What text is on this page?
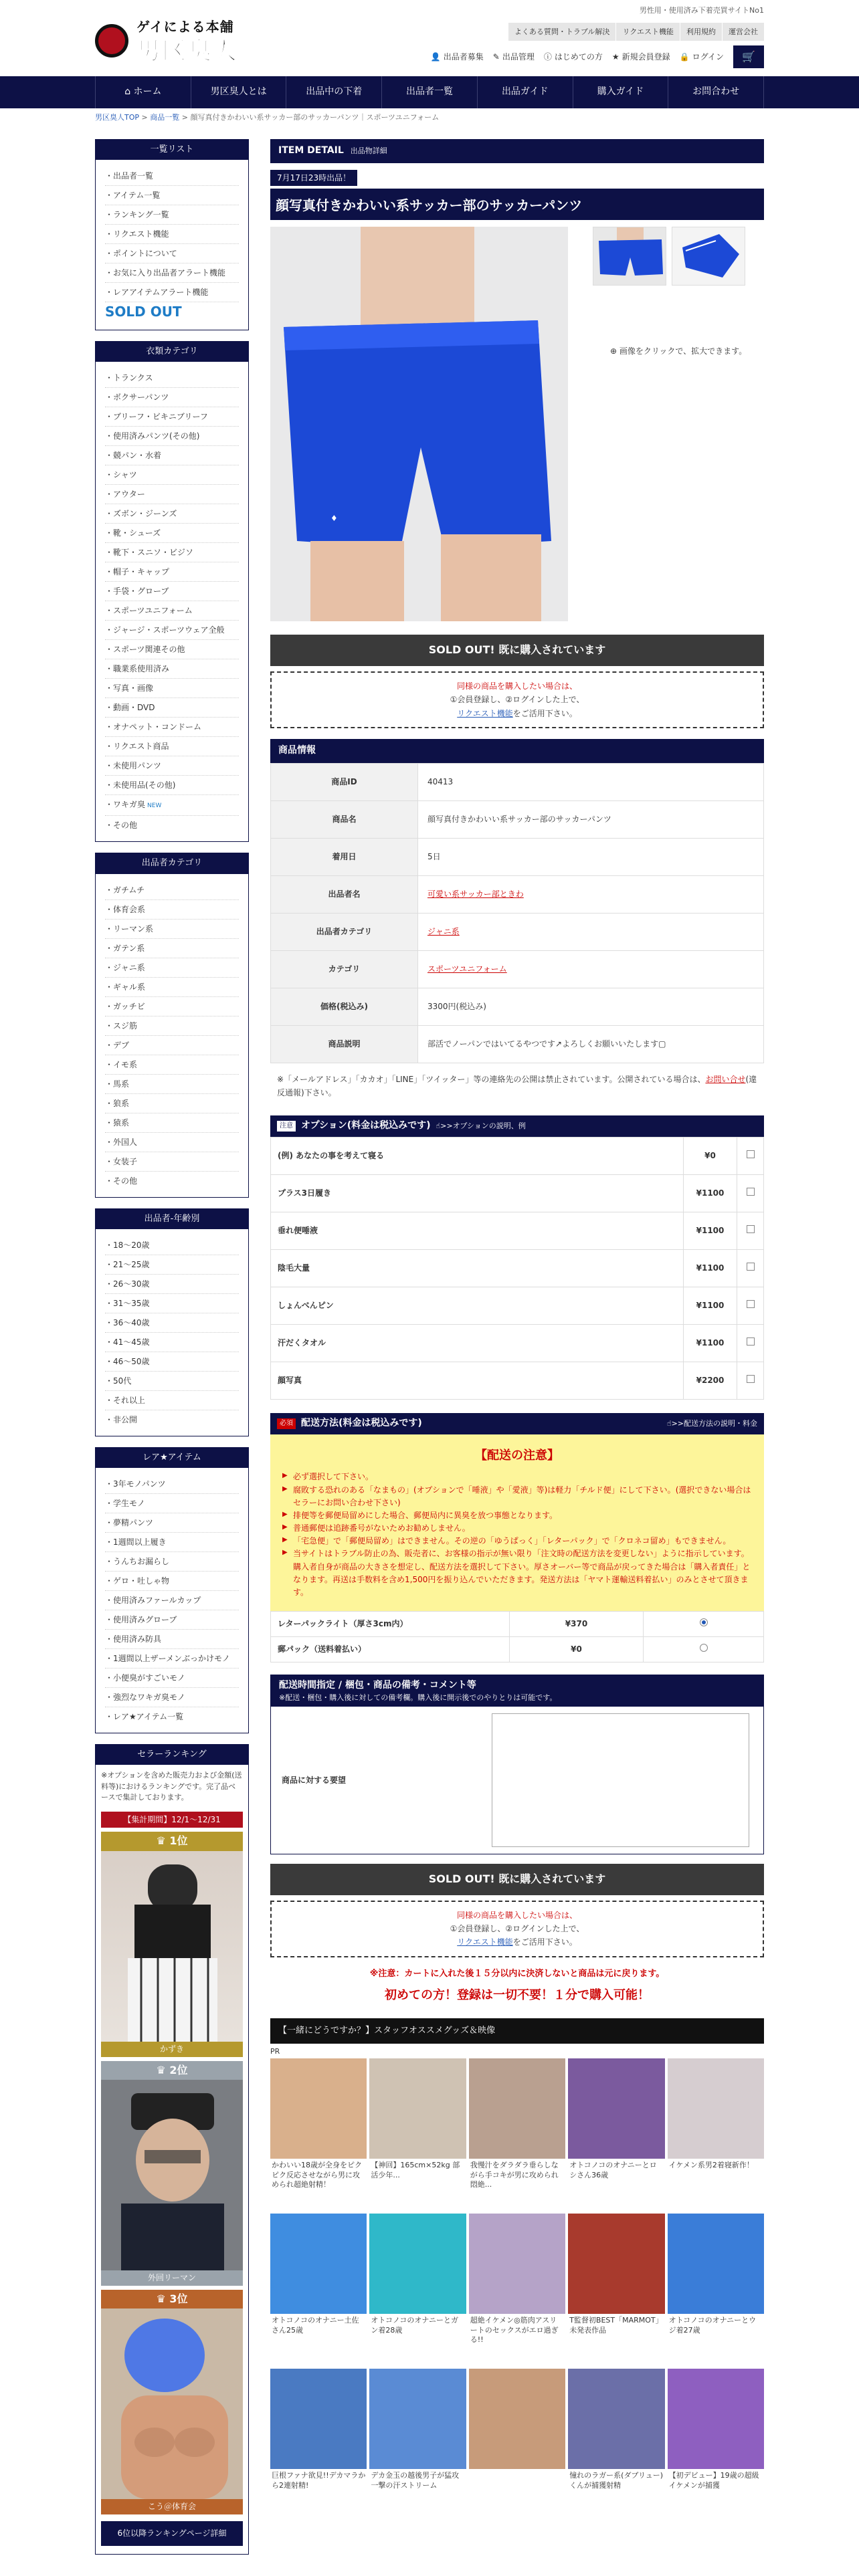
男性用・使用済み下着売買サイトNo1
ゲイによる本舗
男区臭人
よくある質問・トラブル解決	リクエスト機能	利用規約	運営会社
👤 出品者募集 ✎ 出品管理 ⓘ はじめての方 ★ 新規会員登録 🔒 ログイン 🛒
⌂ ホーム	男区臭人とは	出品中の下着	出品者一覧	出品ガイド	購入ガイド	お問合わせ
男区臭人TOP > 商品一覧 > 顔写真付きかわいい系サッカー部のサッカーパンツ｜スポーツユニフォーム
一覧リスト
・出品者一覧
・アイテム一覧
・ランキング一覧
・リクエスト機能
・ポイントについて
・お気に入り出品者アラート機能
・レアアイテムアラート機能
SOLD OUT
衣類カテゴリ
・トランクス
・ボクサーパンツ
・ブリーフ・ビキニブリーフ
・使用済みパンツ(その他)
・競パン・水着
・シャツ
・アウター
・ズボン・ジーンズ
・靴・シューズ
・靴下・スニソ・ビジソ
・帽子・キャップ
・手袋・グローブ
・スポーツユニフォーム
・ジャージ・スポーツウェア全般
・スポーツ関連その他
・職業系使用済み
・写真・画像
・動画・DVD
・オナペット・コンドーム
・リクエスト商品
・未使用パンツ
・未使用品(その他)
・ワキガ臭 NEW
・その他
出品者カテゴリ
・ガチムチ
・体育会系
・リーマン系
・ガテン系
・ジャニ系
・ギャル系
・ガッチビ
・スジ筋
・デブ
・イモ系
・馬系
・狼系
・猿系
・外国人
・女装子
・その他
出品者-年齢別
・18〜20歳
・21〜25歳
・26〜30歳
・31〜35歳
・36〜40歳
・41〜45歳
・46〜50歳
・50代
・それ以上
・非公開
レア★アイテム
・3年モノパンツ
・学生モノ
・夢精パンツ
・1週間以上履き
・うんちお漏らし
・ゲロ・吐しゃ物
・使用済みファールカップ
・使用済みグローブ
・使用済み防具
・1週間以上ザーメンぶっかけモノ
・小便臭がすごいモノ
・強烈なワキガ臭モノ
・レア★アイテム一覧
セラーランキング
※オプションを含めた販売力および金額(送料等)におけるランキングです。完了品ベースで集計しております。
【集計期間】12/1〜12/31
♛ 1位
かずき
♛ 2位
外回リーマン
♛ 3位
こう＠体育会
6位以降ランキングページ詳細
ITEM DETAIL 出品物詳細
7月17日23時出品！
顔写真付きかわいい系サッカー部のサッカーパンツ
♦
⊕ 画像をクリックで、拡大できます。
SOLD OUT! 既に購入されています
同様の商品を購入したい場合は、
①会員登録し、②ログインした上で、
リクエスト機能をご活用下さい。
商品情報
商品ID	40413
商品名	顔写真付きかわいい系サッカー部のサッカーパンツ
着用日	5日
出品者名	可愛い系サッカー部ときわ
出品者カテゴリ	ジャニ系
カテゴリ	スポーツユニフォーム
価格(税込み)	3300円(税込み)
商品説明	部活でノーパンではいてるやつです↗よろしくお願いいたします▢
※「メールアドレス」「カカオ」「LINE」「ツイッター」等の連絡先の公開は禁止されています。公開されている場合は、お問い合せ(違反通報)下さい。
注意 オプション(料金は税込みです) ☝>>オプションの説明、例
(例) あなたの事を考えて寝る	¥0	
プラス3日履き	¥1100	
垂れ便唾液	¥1100	
陰毛大量	¥1100	
しょんべんピン	¥1100	
汗だくタオル	¥1100	
顔写真	¥2200	
必須 配送方法(料金は税込みです)	☝>>配送方法の説明・料金
【配送の注意】
▶ 必ず選択して下さい。
▶ 腐敗する恐れのある「なまもの」(オプションで「唾液」や「愛液」等)は軽力「チルド便」にして下さい。(選択できない場合はセラーにお問い合わせ下さい)
▶ 排便等を郵便局留めにした場合、郵便局内に異臭を放つ事態となります。
▶ 普通郵便は追跡番号がないためお勧めしません。
▶ 「宅急便」で「郵便局留め」はできません。その逆の「ゆうぱっく」「レターパック」で「クロネコ留め」もできません。
▶ 当サイトはトラブル防止の為、販売者に、お客様の指示が無い限り「注文時の配送方法を変更しない」ように指示しています。購入者自身が商品の大きさを想定し、配送方法を選択して下さい。厚さオーバー等で商品が戻ってきた場合は「購入者責任」となります。再送は手数料を含め1,500円を振り込んでいただきます。発送方法は「ヤマト運輸送料着払い」のみとさせて頂きます。
レターパックライト（厚さ3cm内）	¥370	
郵パック（送料着払い）	¥0	
配送時間指定 / 梱包・商品の備考・コメント等
※配送・梱包・購入後に対しての備考欄。購入後に開示後でのやりとりは可能です。
商品に対する要望
SOLD OUT! 既に購入されています
同様の商品を購入したい場合は、
①会員登録し、②ログインした上で、
リクエスト機能をご活用下さい。
※注意：カートに入れた後１５分以内に決済しないと商品は元に戻ります。
初めての方！登録は一切不要！１分で購入可能！
【一緒にどうですか？】スタッフオススメグッズ＆映像
PR
かわいい18歳が全身をピクピク反応させながら男に攻められ超絶射精！
【神回】165cm×52kg 部活少年...
我慢汁をダラダラ垂らしながら手コキが男に攻められ悶絶...
オトコノコのオナニーとロシさん36歳
イケメン系男2着寝新作！
オトコノコのオナニー土佐さん25歳
オトコノコのオナニーとガン着28歳
超絶イケメン◎筋肉アスリートのセックスがエロ過ぎる!!
T監督初BEST「MARMOT」未発表作品
オトコノコのオナニーとウジ着27歳
巨根ファナ欲見!!デカマラから2連射精!
デカ金玉の越後男子が猛攻一撃の汗ストリーム
憧れのラガー系(ダブリュー)くんが捕獲射精
【初デビュー】19歳の超級イケメンが捕獲
